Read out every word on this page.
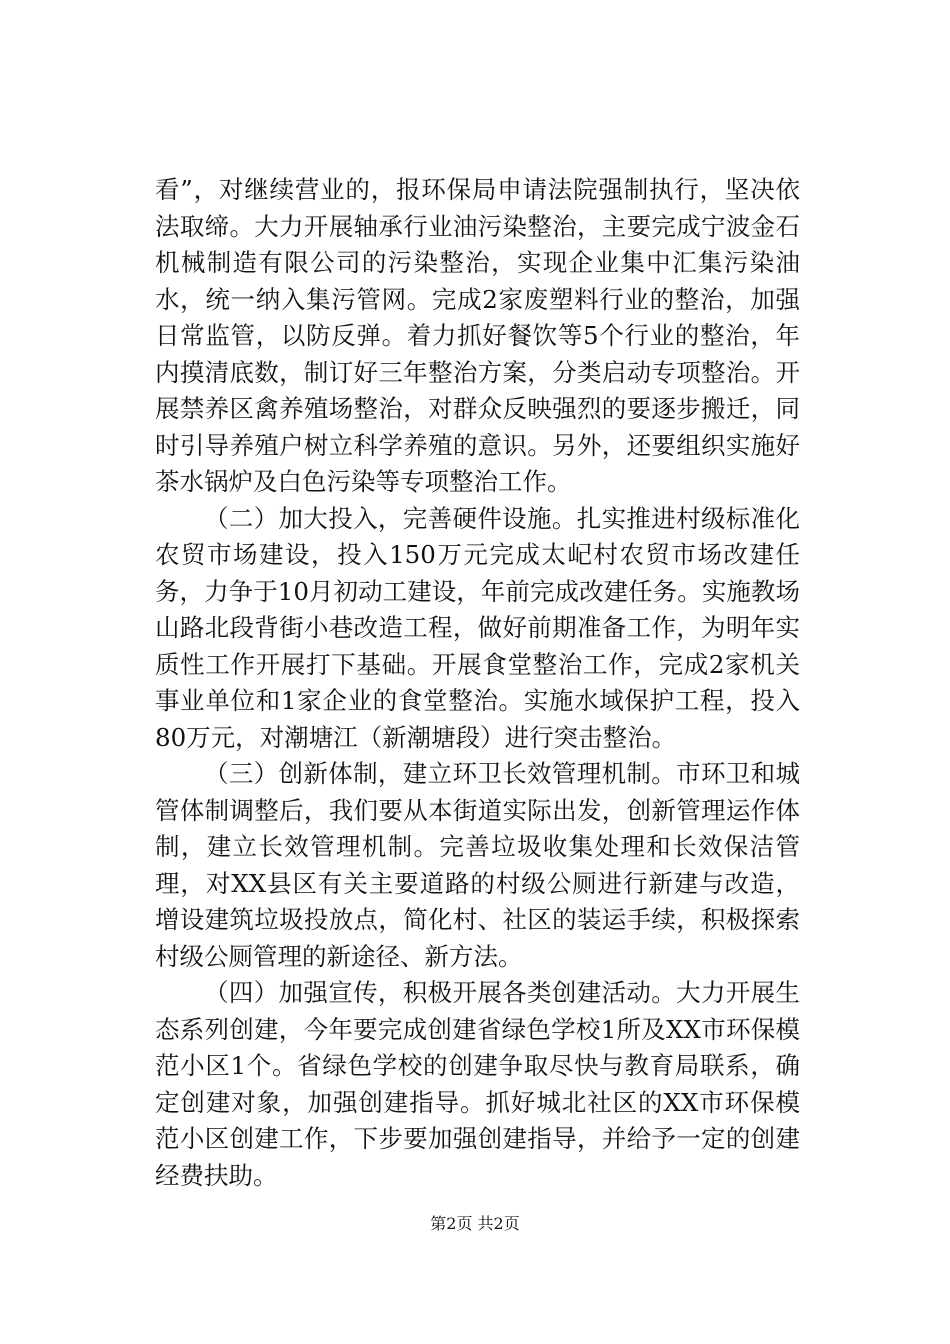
看”，对继续营业的，报环保局申请法院强制执行，坚决依法取缔。大力开展轴承行业油污染整治，主要完成宁波金石机械制造有限公司的污染整治，实现企业集中汇集污染油水，统一纳入集污管网。完成2家废塑料行业的整治，加强日常监管，以防反弹。着力抓好餐饮等5个行业的整治，年内摸清底数，制订好三年整治方案，分类启动专项整治。开展禁养区禽养殖场整治，对群众反映强烈的要逐步搬迁，同时引导养殖户树立科学养殖的意识。另外，还要组织实施好茶水锅炉及白色污染等专项整治工作。

（二）加大投入，完善硬件设施。扎实推进村级标准化农贸市场建设，投入150万元完成太屺村农贸市场改建任务，力争于10月初动工建设，年前完成改建任务。实施教场山路北段背街小巷改造工程，做好前期准备工作，为明年实质性工作开展打下基础。开展食堂整治工作，完成2家机关事业单位和1家企业的食堂整治。实施水域保护工程，投入80万元，对潮塘江（新潮塘段）进行突击整治。

（三）创新体制，建立环卫长效管理机制。市环卫和城管体制调整后，我们要从本街道实际出发，创新管理运作体制，建立长效管理机制。完善垃圾收集处理和长效保洁管理，对XX县区有关主要道路的村级公厕进行新建与改造，增设建筑垃圾投放点，简化村、社区的装运手续，积极探索村级公厕管理的新途径、新方法。

（四）加强宣传，积极开展各类创建活动。大力开展生态系列创建，今年要完成创建省绿色学校1所及XX市环保模范小区1个。省绿色学校的创建争取尽快与教育局联系，确定创建对象，加强创建指导。抓好城北社区的XX市环保模范小区创建工作，下步要加强创建指导，并给予一定的创建经费扶助。

第2页 共2页
